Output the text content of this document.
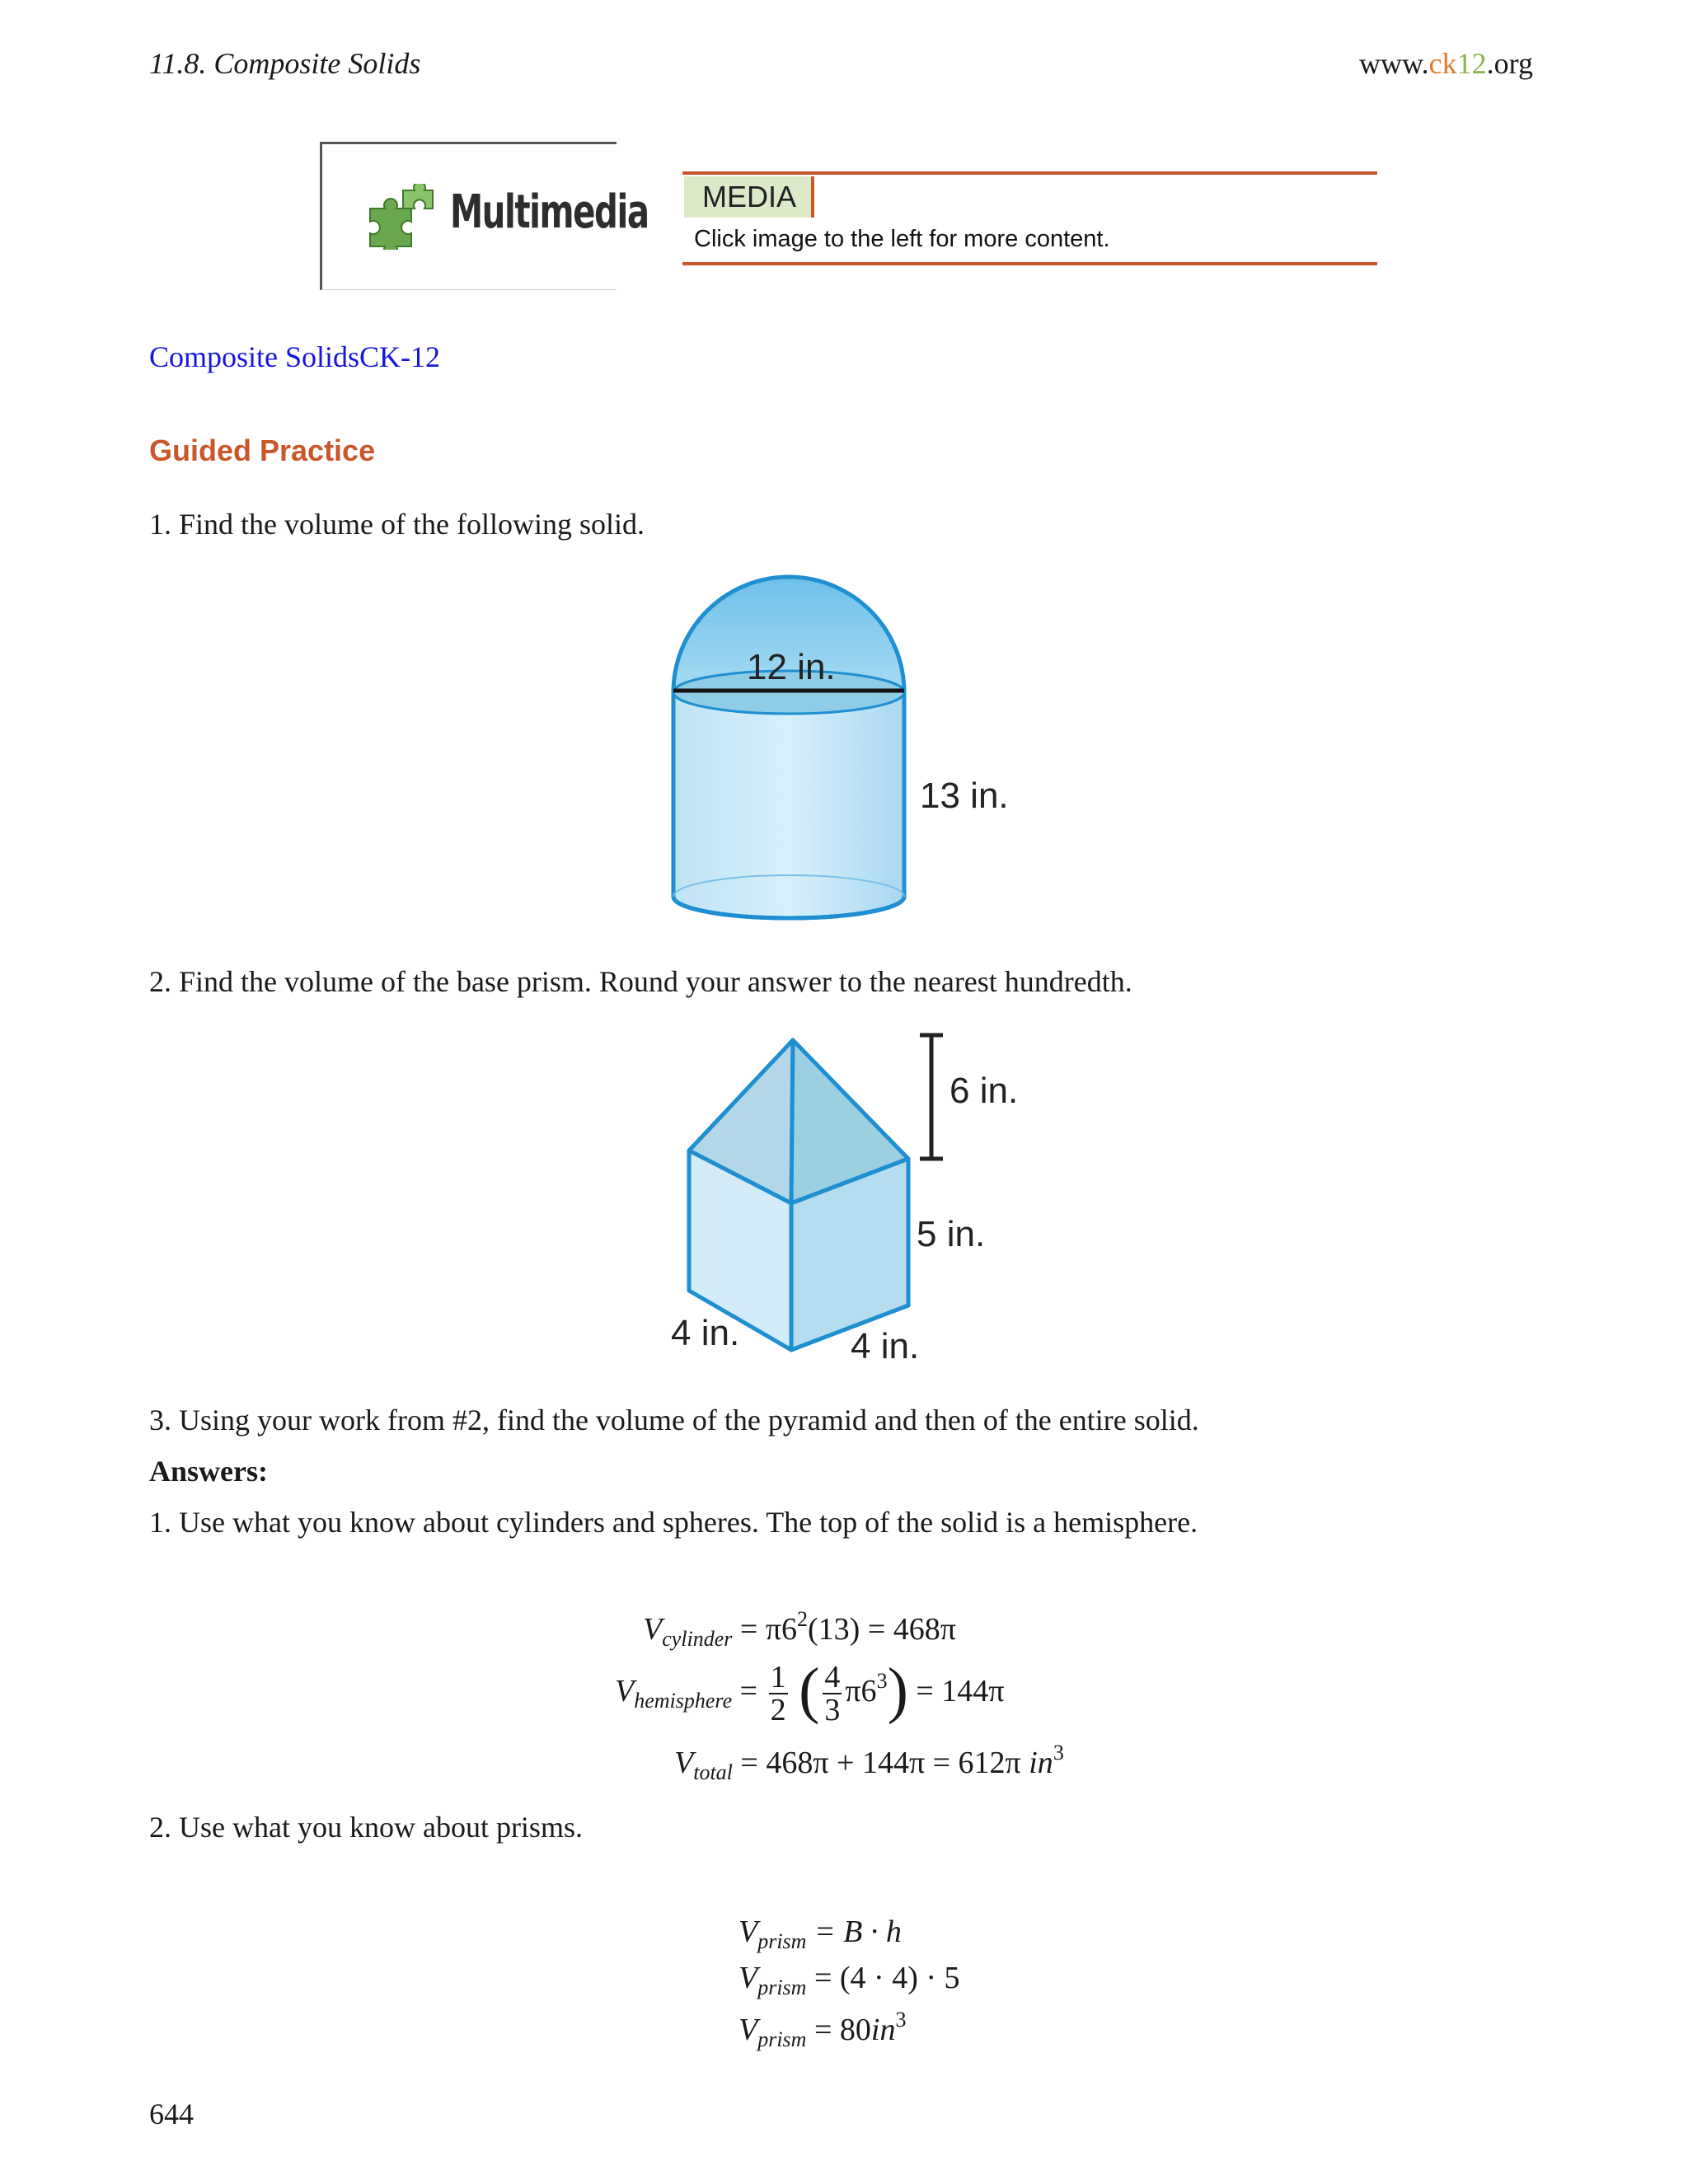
11.8. Composite Solids	www.ck12.org
Multimedia	MEDIA
Click image to the left for more content.
Composite SolidsCK-12
Guided Practice
1. Find the volume of the following solid.
12 in.
13 in.
2. Find the volume of the base prism. Round your answer to the nearest hundredth.
6 in.
5 in.
4 in.	4 in.
3. Using your work from #2, find the volume of the pyramid and then of the entire solid.
Answers:
1. Use what you know about cylinders and spheres. The top of the solid is a hemisphere.
$V_{cylinder} = \pi 6^2(13) = 468\pi$
$V_{hemisphere} = \frac{1}{2}$ ( $\frac{4}{3} \pi 6^3) = 144\pi$
$V_{total} = 468\pi + 144\pi = 612\pi$ $in^3$
2. Use what you know about prisms.
$V_{prism} = B \cdot h$
$V_{prism} = (4 \cdot 4) \cdot 5$
$V_{prism} = 80in^3$
644
